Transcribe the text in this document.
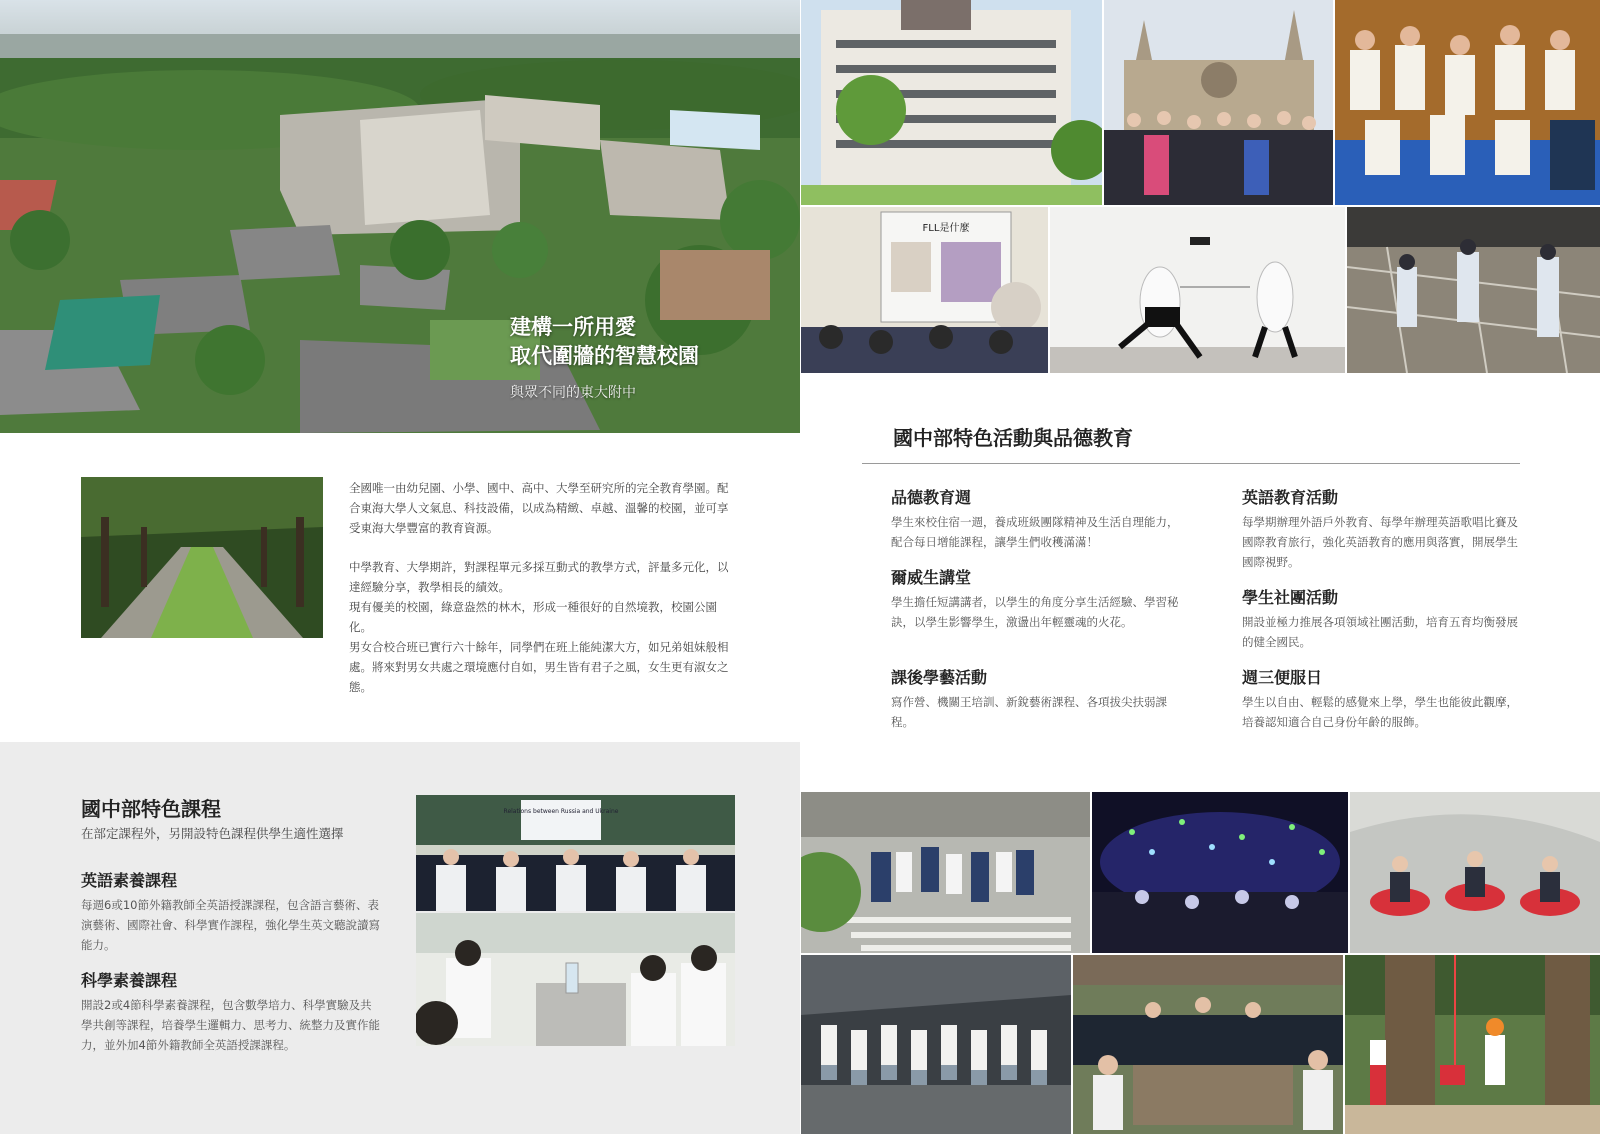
建構一所用愛
取代圍牆的智慧校園
與眾不同的東大附中
FLL是什麼

全國唯一由幼兒園、小學、國中、高中、大學至研究所的完全教育學園。配合東海大學人文氣息、科技設備，以成為精緻、卓越、溫馨的校園，並可享受東海大學豐富的教育資源。

中學教育、大學期許，對課程單元多採互動式的教學方式，評量多元化，以達經驗分享，教學相長的績效。

現有優美的校園，綠意盎然的林木，形成一種很好的自然境教，校園公園化。

男女合校合班已實行六十餘年，同學們在班上能純潔大方，如兄弟姐妹般相處。將來對男女共處之環境應付自如，男生皆有君子之風，女生更有淑女之態。

國中部特色活動與品德教育
品德教育週

學生來校住宿一週，養成班級團隊精神及生活自理能力，配合每日增能課程，讓學生們收穫滿滿！

爾威生講堂

學生擔任短講講者，以學生的角度分享生活經驗、學習秘訣，以學生影響學生，激盪出年輕靈魂的火花。

課後學藝活動

寫作營、機關王培訓、新銳藝術課程、各項拔尖扶弱課程。

英語教育活動

每學期辦理外語戶外教育、每學年辦理英語歌唱比賽及國際教育旅行，強化英語教育的應用與落實，開展學生國際視野。

學生社團活動

開設並極力推展各項領域社團活動，培育五育均衡發展的健全國民。

週三便服日

學生以自由、輕鬆的感覺來上學，學生也能彼此觀摩，培養認知適合自己身份年齡的服飾。

國中部特色課程
在部定課程外，另開設特色課程供學生適性選擇
英語素養課程

每週6或10節外籍教師全英語授課課程，包含語言藝術、表演藝術、國際社會、科學實作課程，強化學生英文聽說讀寫能力。

科學素養課程

開設2或4節科學素養課程，包含數學培力、科學實驗及共學共創等課程，培養學生邏輯力、思考力、統整力及實作能力，並外加4節外籍教師全英語授課課程。

Relations between Russia and Ukraine
